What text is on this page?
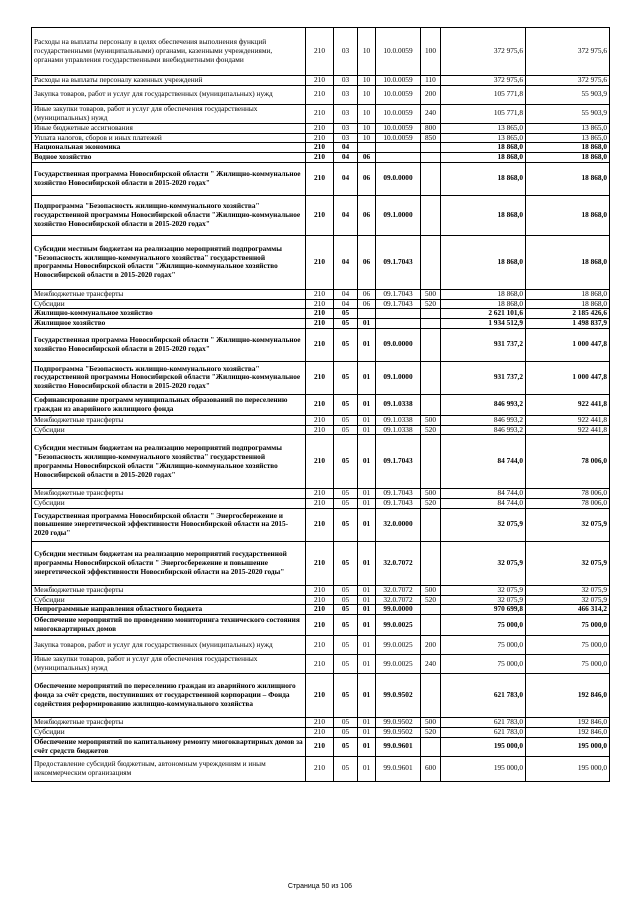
Расходы на выплаты персоналу в целях обеспечения выполнения функций государственными (муниципальными) органами, казенными учреждениями, органами управления государственными внебюджетными фондами	210	03	10	10.0.0059	100	372 975,6	372 975,6
Расходы на выплаты персоналу казенных учреждений	210	03	10	10.0.0059	110	372 975,6	372 975,6
Закупка товаров, работ и услуг для государственных (муниципальных) нужд	210	03	10	10.0.0059	200	105 771,8	55 903,9
Иные закупки товаров, работ и услуг для обеспечения государственных (муниципальных) нужд	210	03	10	10.0.0059	240	105 771,8	55 903,9
Иные бюджетные ассигнования	210	03	10	10.0.0059	800	13 865,0	13 865,0
Уплата налогов, сборов и иных платежей	210	03	10	10.0.0059	850	13 865,0	13 865,0
Национальная экономика	210	04				18 868,0	18 868,0
Водное хозяйство	210	04	06			18 868,0	18 868,0
Государственная программа Новосибирской области " Жилищно-коммунальное хозяйство Новосибирской области в 2015-2020 годах"	210	04	06	09.0.0000		18 868,0	18 868,0
Подпрограмма "Безопасность жилищно-коммунального хозяйства" государственной программы Новосибирской области "Жилищно-коммунальное хозяйство Новосибирской области в 2015-2020 годах"	210	04	06	09.1.0000		18 868,0	18 868,0
Субсидии местным бюджетам на реализацию мероприятий подпрограммы "Безопасность жилищно-коммунального хозяйства" государственной программы Новосибирской области "Жилищно-коммунальное хозяйство Новосибирской области в 2015-2020 годах"	210	04	06	09.1.7043		18 868,0	18 868,0
Межбюджетные трансферты	210	04	06	09.1.7043	500	18 868,0	18 868,0
Субсидии	210	04	06	09.1.7043	520	18 868,0	18 868,0
Жилищно-коммунальное хозяйство	210	05				2 621 101,6	2 185 426,6
Жилищное хозяйство	210	05	01			1 934 512,9	1 498 837,9
Государственная программа Новосибирской области " Жилищно-коммунальное хозяйство Новосибирской области в 2015-2020 годах"	210	05	01	09.0.0000		931 737,2	1 000 447,8
Подпрограмма "Безопасность жилищно-коммунального хозяйства" государственной программы Новосибирской области "Жилищно-коммунальное хозяйство Новосибирской области в 2015-2020 годах"	210	05	01	09.1.0000		931 737,2	1 000 447,8
Софинансирование программ муниципальных образований по переселению граждан из аварийного жилищного фонда	210	05	01	09.1.0338		846 993,2	922 441,8
Межбюджетные трансферты	210	05	01	09.1.0338	500	846 993,2	922 441,8
Субсидии	210	05	01	09.1.0338	520	846 993,2	922 441,8
Субсидии местным бюджетам на реализацию мероприятий подпрограммы "Безопасность жилищно-коммунального хозяйства" государственной программы Новосибирской области "Жилищно-коммунальное хозяйство Новосибирской области в 2015-2020 годах"	210	05	01	09.1.7043		84 744,0	78 006,0
Межбюджетные трансферты	210	05	01	09.1.7043	500	84 744,0	78 006,0
Субсидии	210	05	01	09.1.7043	520	84 744,0	78 006,0
Государственная программа Новосибирской области " Энергосбережение и повышение энергетической эффективности Новосибирской области на 2015- 2020 годы"	210	05	01	32.0.0000		32 075,9	32 075,9
Субсидии местным бюджетам на реализацию мероприятий государственной программы Новосибирской области " Энергосбережение и повышение энергетической эффективности Новосибирской области на 2015-2020 годы"	210	05	01	32.0.7072		32 075,9	32 075,9
Межбюджетные трансферты	210	05	01	32.0.7072	500	32 075,9	32 075,9
Субсидии	210	05	01	32.0.7072	520	32 075,9	32 075,9
Непрограммные направления областного бюджета	210	05	01	99.0.0000		970 699,8	466 314,2
Обеспечение мероприятий по проведению мониторинга технического состояния многоквартирных домов	210	05	01	99.0.0025		75 000,0	75 000,0
Закупка товаров, работ и услуг для государственных (муниципальных) нужд	210	05	01	99.0.0025	200	75 000,0	75 000,0
Иные закупки товаров, работ и услуг для обеспечения государственных (муниципальных) нужд	210	05	01	99.0.0025	240	75 000,0	75 000,0
Обеспечение мероприятий по переселению граждан из аварийного жилищного фонда за счёт средств, поступивших от государственной корпорации – Фонда содействия реформированию жилищно-коммунального хозяйства	210	05	01	99.0.9502		621 783,0	192 846,0
Межбюджетные трансферты	210	05	01	99.0.9502	500	621 783,0	192 846,0
Субсидии	210	05	01	99.0.9502	520	621 783,0	192 846,0
Обеспечение мероприятий по капитальному ремонту многоквартирных домов за счёт средств бюджетов	210	05	01	99.0.9601		195 000,0	195 000,0
Предоставление субсидий бюджетным, автономным учреждениям и иным некоммерческим организациям	210	05	01	99.0.9601	600	195 000,0	195 000,0
Страница 50 из 106
